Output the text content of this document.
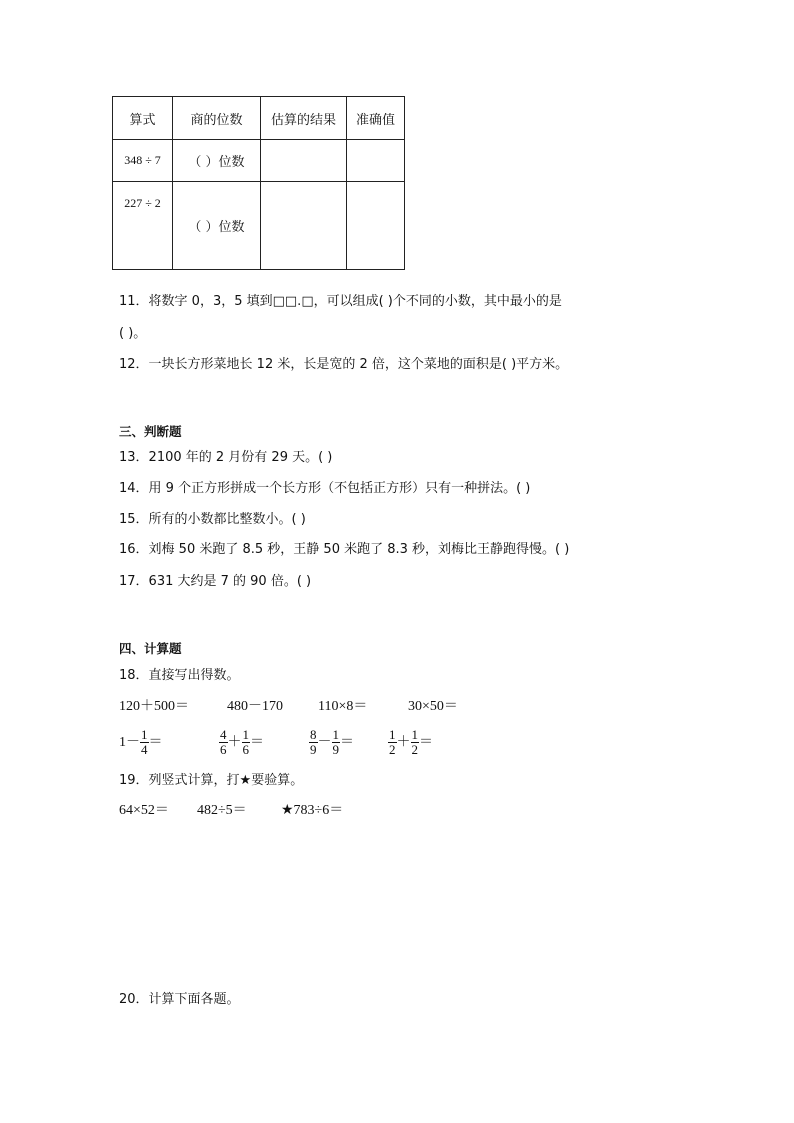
算式	商的位数	估算的结果	准确值
348 ÷ 7	（ ）位数		
227 ÷ 2	（ ）位数		
11．将数字 0，3，5 填到□□.□，可以组成( )个不同的小数，其中最小的是
( )。
12．一块长方形菜地长 12 米，长是宽的 2 倍，这个菜地的面积是( )平方米。
三、判断题
13．2100 年的 2 月份有 29 天。( )
14．用 9 个正方形拼成一个长方形（不包括正方形）只有一种拼法。( )
15．所有的小数都比整数小。( )
16．刘梅 50 米跑了 8.5 秒，王静 50 米跑了 8.3 秒，刘梅比王静跑得慢。( )
17．631 大约是 7 的 90 倍。( )
四、计算题
18．直接写出得数。
120＋500＝	480－170	110×8＝	30×50＝
$1- \frac{1}{4}$ ＝	$\frac{4}{6} + \frac{1}{6}$ ＝	$\frac{8}{9} - \frac{1}{9}$ ＝	$\frac{1}{2} + \frac{1}{2}$ ＝
19．列竖式计算，打★要验算。
64×52＝ 482÷5＝ ★783÷6＝
20．计算下面各题。
